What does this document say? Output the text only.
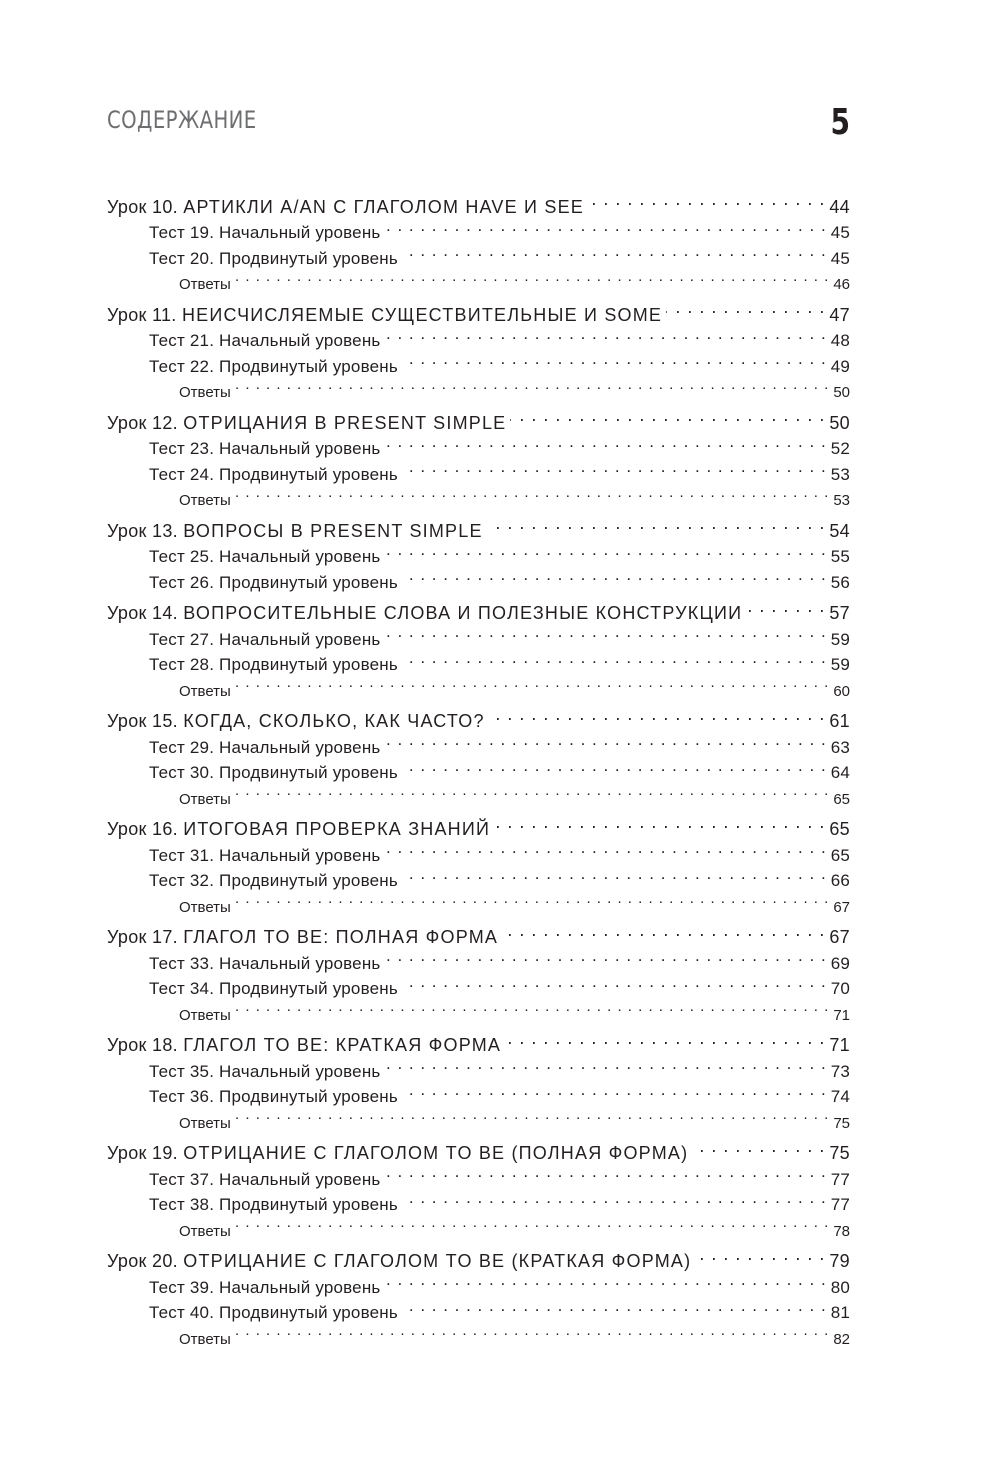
СОДЕРЖАНИЕ	5
Урок 10. АРТИКЛИ A/AN С ГЛАГОЛОМ HAVE И SEE . . .	44
Тест 19. Начальный уровень . . .	45
Тест 20. Продвинутый уровень . . .	45
Ответы . . .	46
Урок 11. НЕИСЧИСЛЯЕМЫЕ СУЩЕСТВИТЕЛЬНЫЕ И SOME . . .	47
Тест 21. Начальный уровень . . .	48
Тест 22. Продвинутый уровень . . .	49
Ответы . . .	50
Урок 12. ОТРИЦАНИЯ В PRESENT SIMPLE . . .	50
Тест 23. Начальный уровень . . .	52
Тест 24. Продвинутый уровень . . .	53
Ответы . . .	53
Урок 13. ВОПРОСЫ В PRESENT SIMPLE . . .	54
Тест 25. Начальный уровень . . .	55
Тест 26. Продвинутый уровень . . .	56
Урок 14. ВОПРОСИТЕЛЬНЫЕ СЛОВА И ПОЛЕЗНЫЕ КОНСТРУКЦИИ . . .	57
Тест 27. Начальный уровень . . .	59
Тест 28. Продвинутый уровень . . .	59
Ответы . . .	60
Урок 15. КОГДА, СКОЛЬКО, КАК ЧАСТО? . . .	61
Тест 29. Начальный уровень . . .	63
Тест 30. Продвинутый уровень . . .	64
Ответы . . .	65
Урок 16. ИТОГОВАЯ ПРОВЕРКА ЗНАНИЙ . . .	65
Тест 31. Начальный уровень . . .	65
Тест 32. Продвинутый уровень . . .	66
Ответы . . .	67
Урок 17. ГЛАГОЛ TO BE: ПОЛНАЯ ФОРМА . . .	67
Тест 33. Начальный уровень . . .	69
Тест 34. Продвинутый уровень . . .	70
Ответы . . .	71
Урок 18. ГЛАГОЛ TO BE: КРАТКАЯ ФОРМА . . .	71
Тест 35. Начальный уровень . . .	73
Тест 36. Продвинутый уровень . . .	74
Ответы . . .	75
Урок 19. ОТРИЦАНИЕ С ГЛАГОЛОМ TO BE (ПОЛНАЯ ФОРМА) . . .	75
Тест 37. Начальный уровень . . .	77
Тест 38. Продвинутый уровень . . .	77
Ответы . . .	78
Урок 20. ОТРИЦАНИЕ С ГЛАГОЛОМ TO BE (КРАТКАЯ ФОРМА) . . .	79
Тест 39. Начальный уровень . . .	80
Тест 40. Продвинутый уровень . . .	81
Ответы . . .	82
